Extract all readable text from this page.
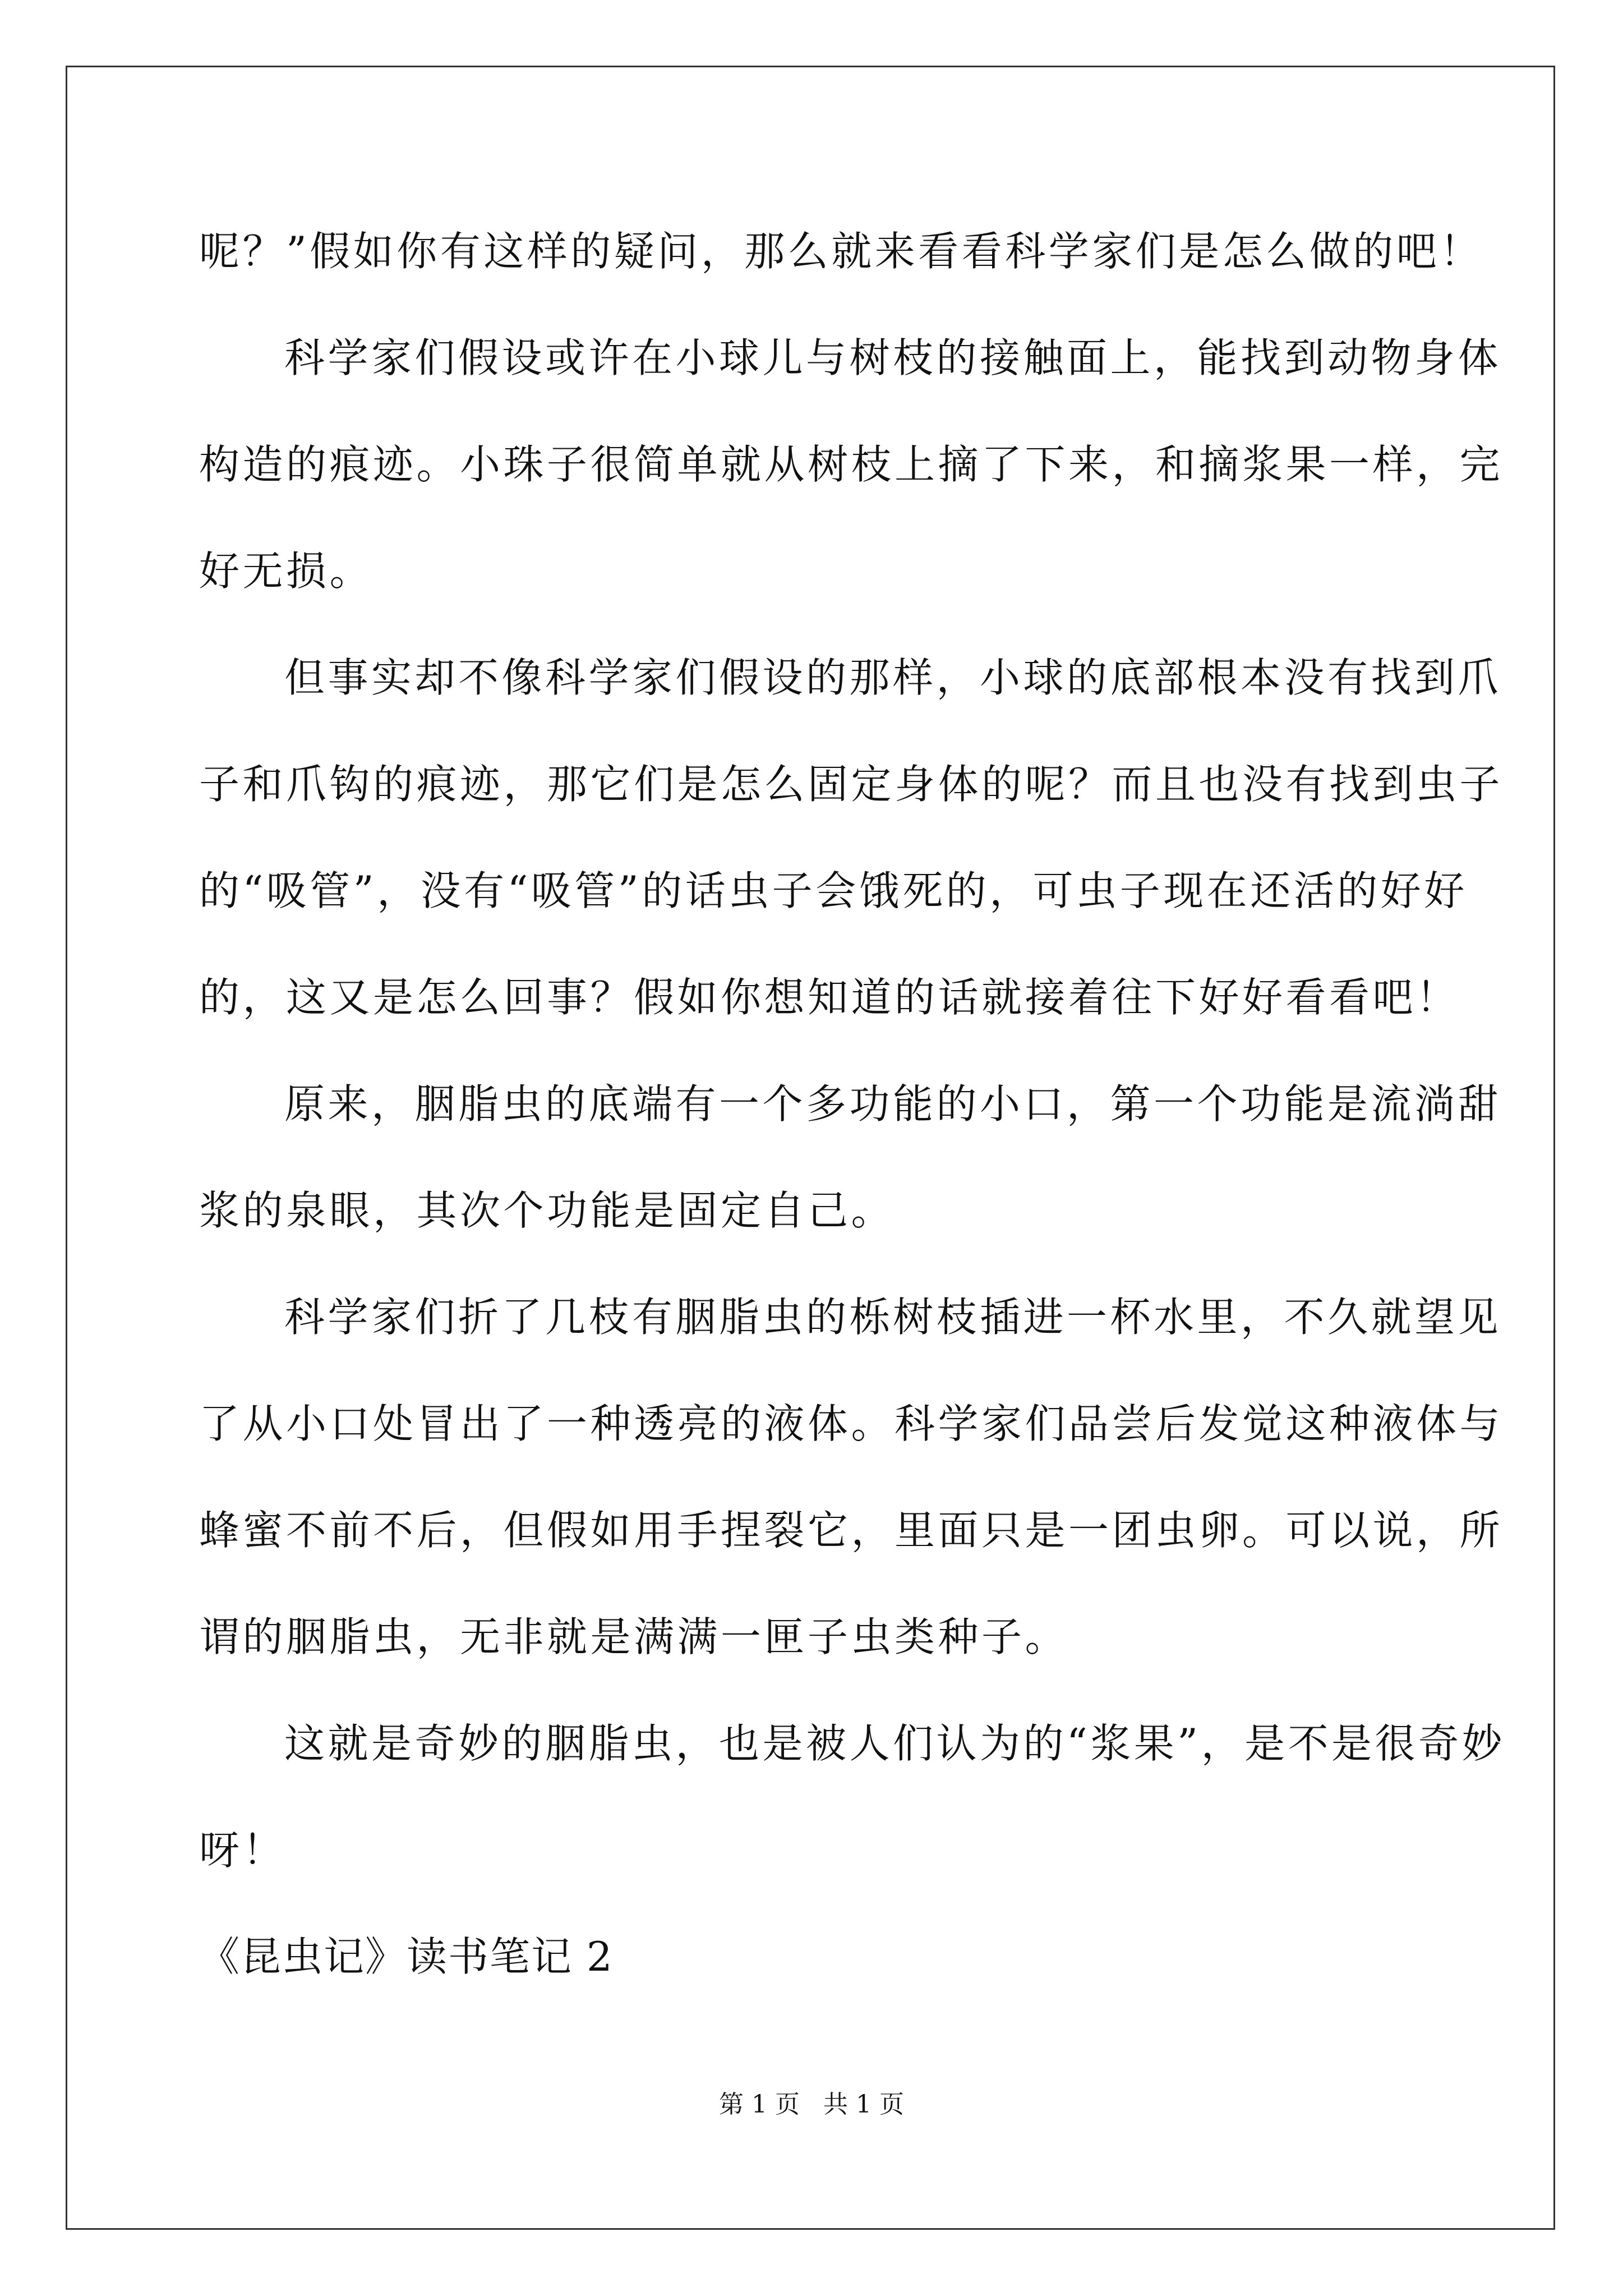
呢？”假如你有这样的疑问，那么就来看看科学家们是怎么做的吧！
科学家们假设或许在小球儿与树枝的接触面上，能找到动物身体
构造的痕迹。小珠子很简单就从树枝上摘了下来，和摘浆果一样，完
好无损。
但事实却不像科学家们假设的那样，小球的底部根本没有找到爪
子和爪钩的痕迹，那它们是怎么固定身体的呢？而且也没有找到虫子
的“吸管”，没有“吸管”的话虫子会饿死的，可虫子现在还活的好好
的，这又是怎么回事？假如你想知道的话就接着往下好好看看吧！
原来，胭脂虫的底端有一个多功能的小口，第一个功能是流淌甜
浆的泉眼，其次个功能是固定自己。
科学家们折了几枝有胭脂虫的栎树枝插进一杯水里，不久就望见
了从小口处冒出了一种透亮的液体。科学家们品尝后发觉这种液体与
蜂蜜不前不后，但假如用手捏裂它，里面只是一团虫卵。可以说，所
谓的胭脂虫，无非就是满满一匣子虫类种子。
这就是奇妙的胭脂虫，也是被人们认为的“浆果”，是不是很奇妙
呀！
《昆虫记》读书笔记 2
第 1 页   共 1 页
